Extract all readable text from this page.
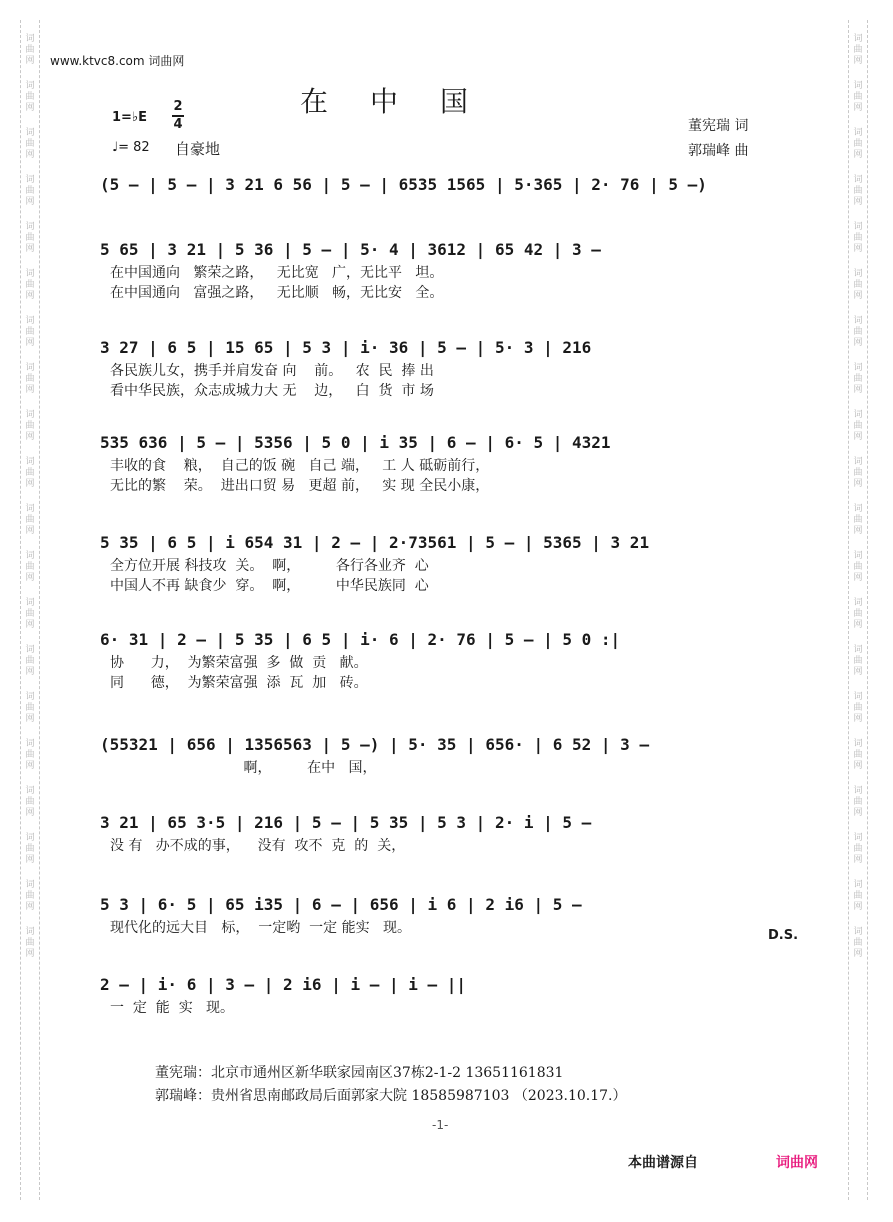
词
曲
网
词
曲
网
词
曲
网
词
曲
网
词
曲
网
词
曲
网
词
曲
网
词
曲
网
词
曲
网
词
曲
网
词
曲
网
词
曲
网
词
曲
网
词
曲
网
词
曲
网
词
曲
网
词
曲
网
词
曲
网
词
曲
网
词
曲
网
词
曲
网
词
曲
网
词
曲
网
词
曲
网
词
曲
网
词
曲
网
词
曲
网
词
曲
网
词
曲
网
词
曲
网
词
曲
网
词
曲
网
词
曲
网
词
曲
网
词
曲
网
词
曲
网
词
曲
网
词
曲
网
词
曲
网
词
曲
网
www.ktvc8.com 词曲网
在中国
1=♭E
2
4
♩= 82 自豪地
董宪瑞 词
郭瑞峰 曲
(5 – | 5 – | 3 21 6 56 | 5 – | 6535 1565 | 5·365 | 2· 76 | 5 –)
5 65 | 3 21 | 5 36 | 5 – | 5· 4 | 3612 | 65 42 | 3 –
在中国通向   繁荣之路，   无比宽   广，无比平   坦。
在中国通向   富强之路，   无比顺   畅，无比安   全。
3 27 | 6 5 | 15 65 | 5 3 | i· 36 | 5 – | 5· 3 | 216
各民族儿女，携手并肩发奋 向    前。   农  民  捧 出
看中华民族，众志成城力大 无    边，   白  货  市 场
535 636 | 5 – | 5356 | 5 0 | i 35 | 6 – | 6· 5 | 4321
丰收的食    粮，  自己的饭 碗   自己 端，   工 人 砥砺前行，
无比的繁    荣。  进出口贸 易   更超 前，   实 现 全民小康，
5 35 | 6 5 | i 654 31 | 2 – | 2·73561 | 5 – | 5365 | 3 21
全方位开展 科技攻  关。  啊，        各行各业齐  心
中国人不再 缺食少  穿。  啊，        中华民族同  心
6· 31 | 2 – | 5 35 | 6 5 | i· 6 | 2· 76 | 5 – | 5 0 :|
协      力，  为繁荣富强  多  做  贡   献。
同      德，  为繁荣富强  添  瓦  加   砖。
(55321 | 656 | 1356563 | 5 –) | 5· 35 | 656· | 6 52 | 3 –
啊，        在中   国，
3 21 | 65 3·5 | 216 | 5 – | 5 35 | 5 3 | 2· i | 5 –
没 有   办不成的事，    没有  攻不  克  的  关，
5 3 | 6· 5 | 65 i35 | 6 – | 656 | i 6 | 2 i6 | 5 –
现代化的远大目   标，  一定哟  一定 能实   现。
2 – | i· 6 | 3 – | 2 i6 | i – | i – ||
一  定  能  实   现。
D.S.
董宪瑞：北京市通州区新华联家园南区37栋2-1-2 13651161831
郭瑞峰：贵州省思南邮政局后面郭家大院 18585987103 （2023.10.17.）
-1-
本曲谱源自	词曲网
